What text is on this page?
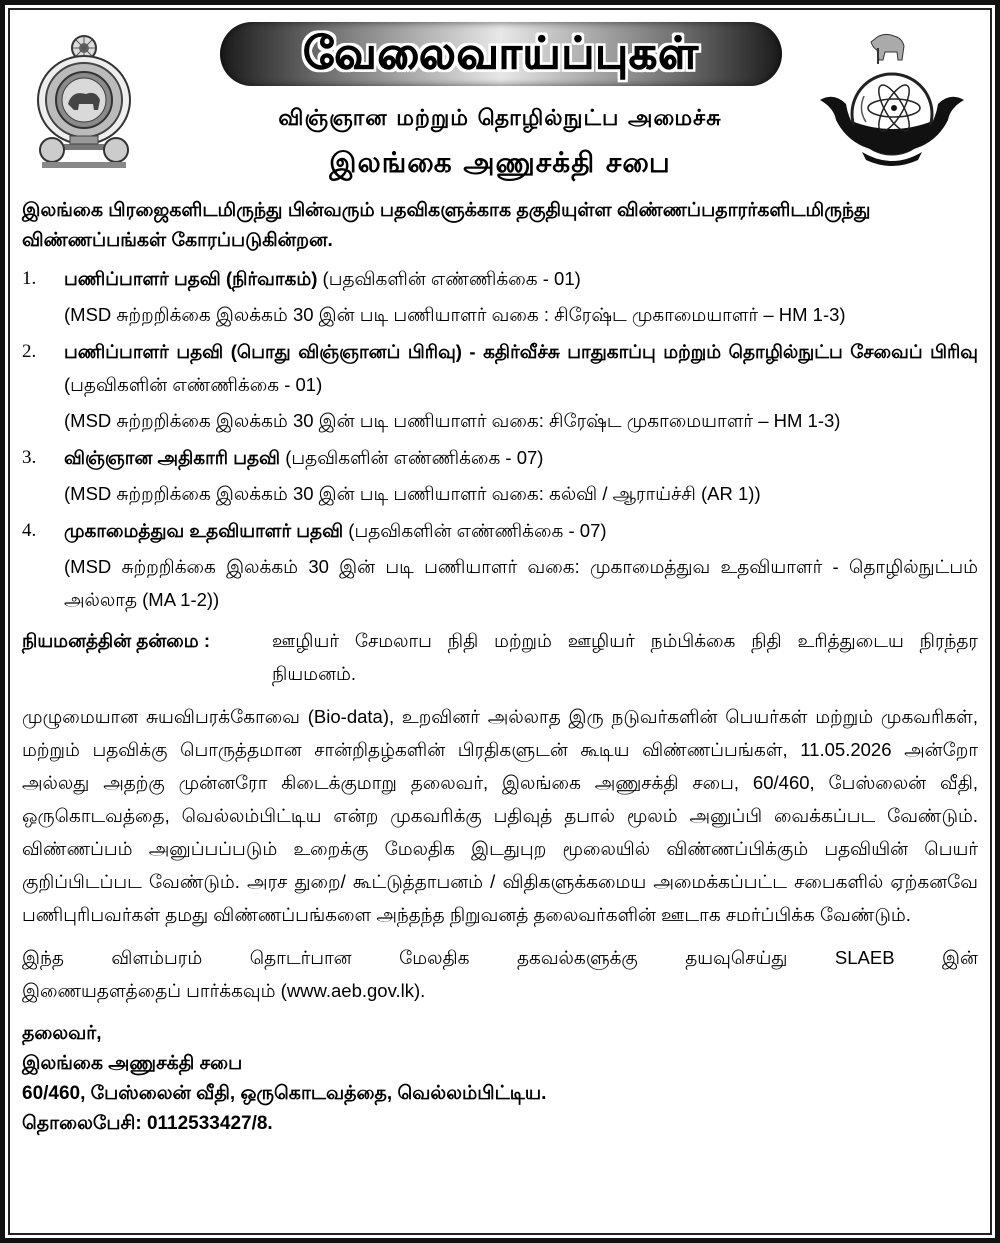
வேலைவாய்ப்புகள்
விஞ்ஞான மற்றும் தொழில்நுட்ப அமைச்சு
இலங்கை அணுசக்தி சபை
இலங்கை பிரஜைகளிடமிருந்து பின்வரும் பதவிகளுக்காக தகுதியுள்ள விண்ணப்பதாரர்களிடமிருந்து விண்ணப்பங்கள் கோரப்படுகின்றன.
1.	பணிப்பாளர் பதவி (நிர்வாகம்) (பதவிகளின் எண்ணிக்கை - 01)
(MSD சுற்றறிக்கை இலக்கம் 30 இன் படி பணியாளர் வகை : சிரேஷ்ட முகாமையாளர் – HM 1-3)
2.	பணிப்பாளர் பதவி (பொது விஞ்ஞானப் பிரிவு) - கதிர்வீச்சு பாதுகாப்பு மற்றும் தொழில்நுட்ப சேவைப் பிரிவு (பதவிகளின் எண்ணிக்கை - 01)
(MSD சுற்றறிக்கை இலக்கம் 30 இன் படி பணியாளர் வகை: சிரேஷ்ட முகாமையாளர் – HM 1-3)
3.	விஞ்ஞான அதிகாரி பதவி (பதவிகளின் எண்ணிக்கை - 07)
(MSD சுற்றறிக்கை இலக்கம் 30 இன் படி பணியாளர் வகை: கல்வி / ஆராய்ச்சி (AR 1))
4.	முகாமைத்துவ உதவியாளர் பதவி (பதவிகளின் எண்ணிக்கை - 07)
(MSD சுற்றறிக்கை இலக்கம் 30 இன் படி பணியாளர் வகை: முகாமைத்துவ உதவியாளர் - தொழில்நுட்பம் அல்லாத (MA 1-2))
நியமனத்தின் தன்மை :	ஊழியர் சேமலாப நிதி மற்றும் ஊழியர் நம்பிக்கை நிதி உரித்துடைய நிரந்தர நியமனம்.
முழுமையான சுயவிபரக்கோவை (Bio-data), உறவினர் அல்லாத இரு நடுவர்களின் பெயர்கள் மற்றும் முகவரிகள், மற்றும் பதவிக்கு பொருத்தமான சான்றிதழ்களின் பிரதிகளுடன் கூடிய விண்ணப்பங்கள், 11.05.2026 அன்றோ அல்லது அதற்கு முன்னரோ கிடைக்குமாறு தலைவர், இலங்கை அணுசக்தி சபை, 60/460, பேஸ்லைன் வீதி, ஒருகொடவத்தை, வெல்லம்பிட்டிய என்ற முகவரிக்கு பதிவுத் தபால் மூலம் அனுப்பி வைக்கப்பட வேண்டும். விண்ணப்பம் அனுப்பப்படும் உறைக்கு மேலதிக இடதுபுற மூலையில் விண்ணப்பிக்கும் பதவியின் பெயர் குறிப்பிடப்பட வேண்டும். அரச துறை/ கூட்டுத்தாபனம் / விதிகளுக்கமைய அமைக்கப்பட்ட சபைகளில் ஏற்கனவே பணிபுரிபவர்கள் தமது விண்ணப்பங்களை அந்தந்த நிறுவனத் தலைவர்களின் ஊடாக சமர்ப்பிக்க வேண்டும்.
இந்த விளம்பரம் தொடர்பான மேலதிக தகவல்களுக்கு தயவுசெய்து SLAEB இன்
இணையதளத்தைப் பார்க்கவும் (www.aeb.gov.lk).
தலைவர்,
இலங்கை அணுசக்தி சபை
60/460, பேஸ்லைன் வீதி, ஒருகொடவத்தை, வெல்லம்பிட்டிய.
தொலைபேசி: 0112533427/8.
